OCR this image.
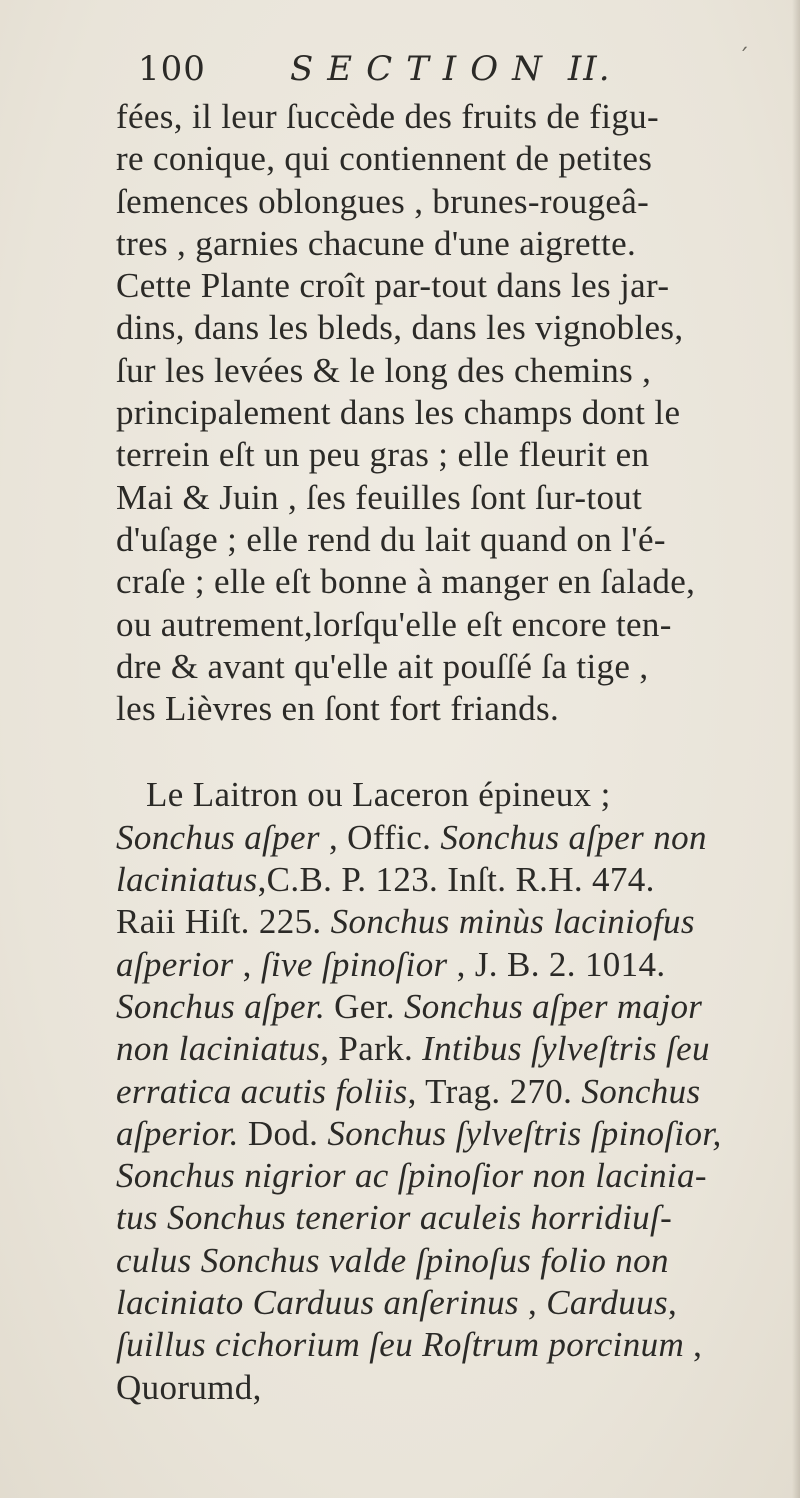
100 SECTION II.	´
fées, il leur ſuccède des fruits de figu-
re conique, qui contiennent de petites
ſemences oblongues , brunes-rougeâ-
tres , garnies chacune d'une aigrette.
Cette Plante croît par-tout dans les jar-
dins, dans les bleds, dans les vignobles,
ſur les levées & le long des chemins ,
principalement dans les champs dont le
terrein eſt un peu gras ; elle fleurit en
Mai & Juin , ſes feuilles ſont ſur-tout
d'uſage ; elle rend du lait quand on l'é-
craſe ; elle eſt bonne à manger en ſalade,
ou autrement,lorſqu'elle eſt encore ten-
dre & avant qu'elle ait pouſſé ſa tige ,
les Lièvres en ſont fort friands.
Le Laitron ou Laceron épineux ;
Sonchus aſper , Offic. Sonchus aſper non
laciniatus,C.B. P. 123. Inſt. R.H. 474.
Raii Hiſt. 225. Sonchus minùs laciniofus
aſperior , ſive ſpinoſior , J. B. 2. 1014.
Sonchus aſper. Ger. Sonchus aſper major
non laciniatus, Park. Intibus ſylveſtris ſeu
erratica acutis foliis, Trag. 270. Sonchus
aſperior. Dod. Sonchus ſylveſtris ſpinoſior,
Sonchus nigrior ac ſpinoſior non lacinia-
tus Sonchus tenerior aculeis horridiuſ-
culus Sonchus valde ſpinoſus folio non
laciniato Carduus anſerinus , Carduus,
ſuillus cichorium ſeu Roſtrum porcinum ,
Quorumd,
